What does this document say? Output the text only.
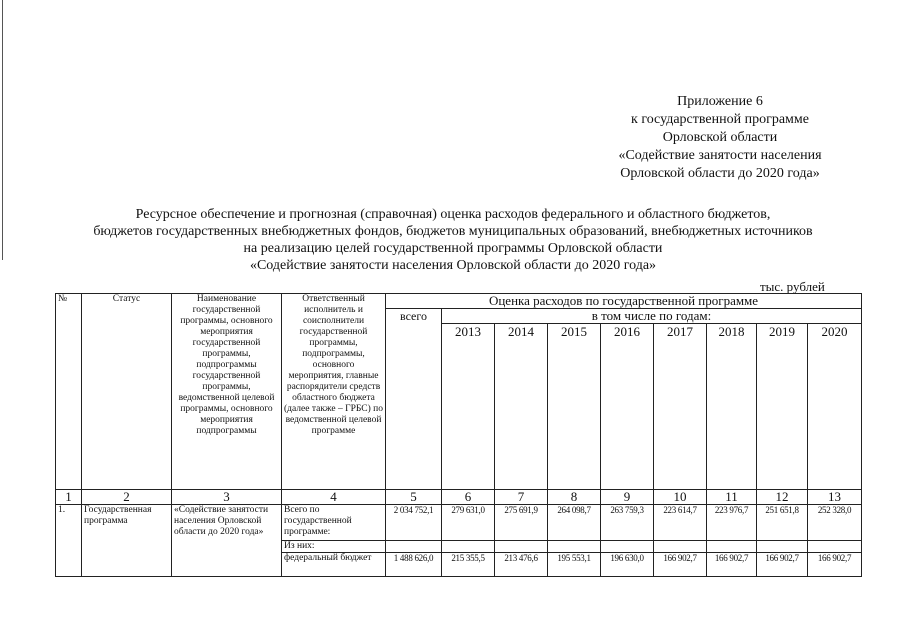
Приложение 6
к государственной программе
Орловской области
«Содействие занятости населения
Орловской области до 2020 года»
Ресурсное обеспечение и прогнозная (справочная) оценка расходов федерального и областного бюджетов,
бюджетов государственных внебюджетных фондов, бюджетов муниципальных образований, внебюджетных источников
на реализацию целей государственной программы Орловской области
«Содействие занятости населения Орловской области до 2020 года»
тыс. рублей
№	Статус	Наименование государственной программы, основного мероприятия государственной программы, подпрограммы государственной программы, ведомственной целевой программы, основного мероприятия подпрограммы	Ответственный исполнитель и соисполнители государственной программы, подпрограммы, основного мероприятия, главные распорядители средств областного бюджета (далее также – ГРБС) по ведомственной целевой программе	Оценка расходов по государственной программе								
				всего	в том числе по годам:							
					2013	2014	2015	2016	2017	2018	2019	2020
1	2	3	4	5	6	7	8	9	10	11	12	13
1.	Государственная программа	«Содействие занятости населения Орловской области до 2020 года»	Всего по государственной программе:	2 034 752,1	279 631,0	275 691,9	264 098,7	263 759,3	223 614,7	223 976,7	251 651,8	252 328,0
			Из них:									
			федеральный бюджет	1 488 626,0	215 355,5	213 476,6	195 553,1	196 630,0	166 902,7	166 902,7	166 902,7	166 902,7
